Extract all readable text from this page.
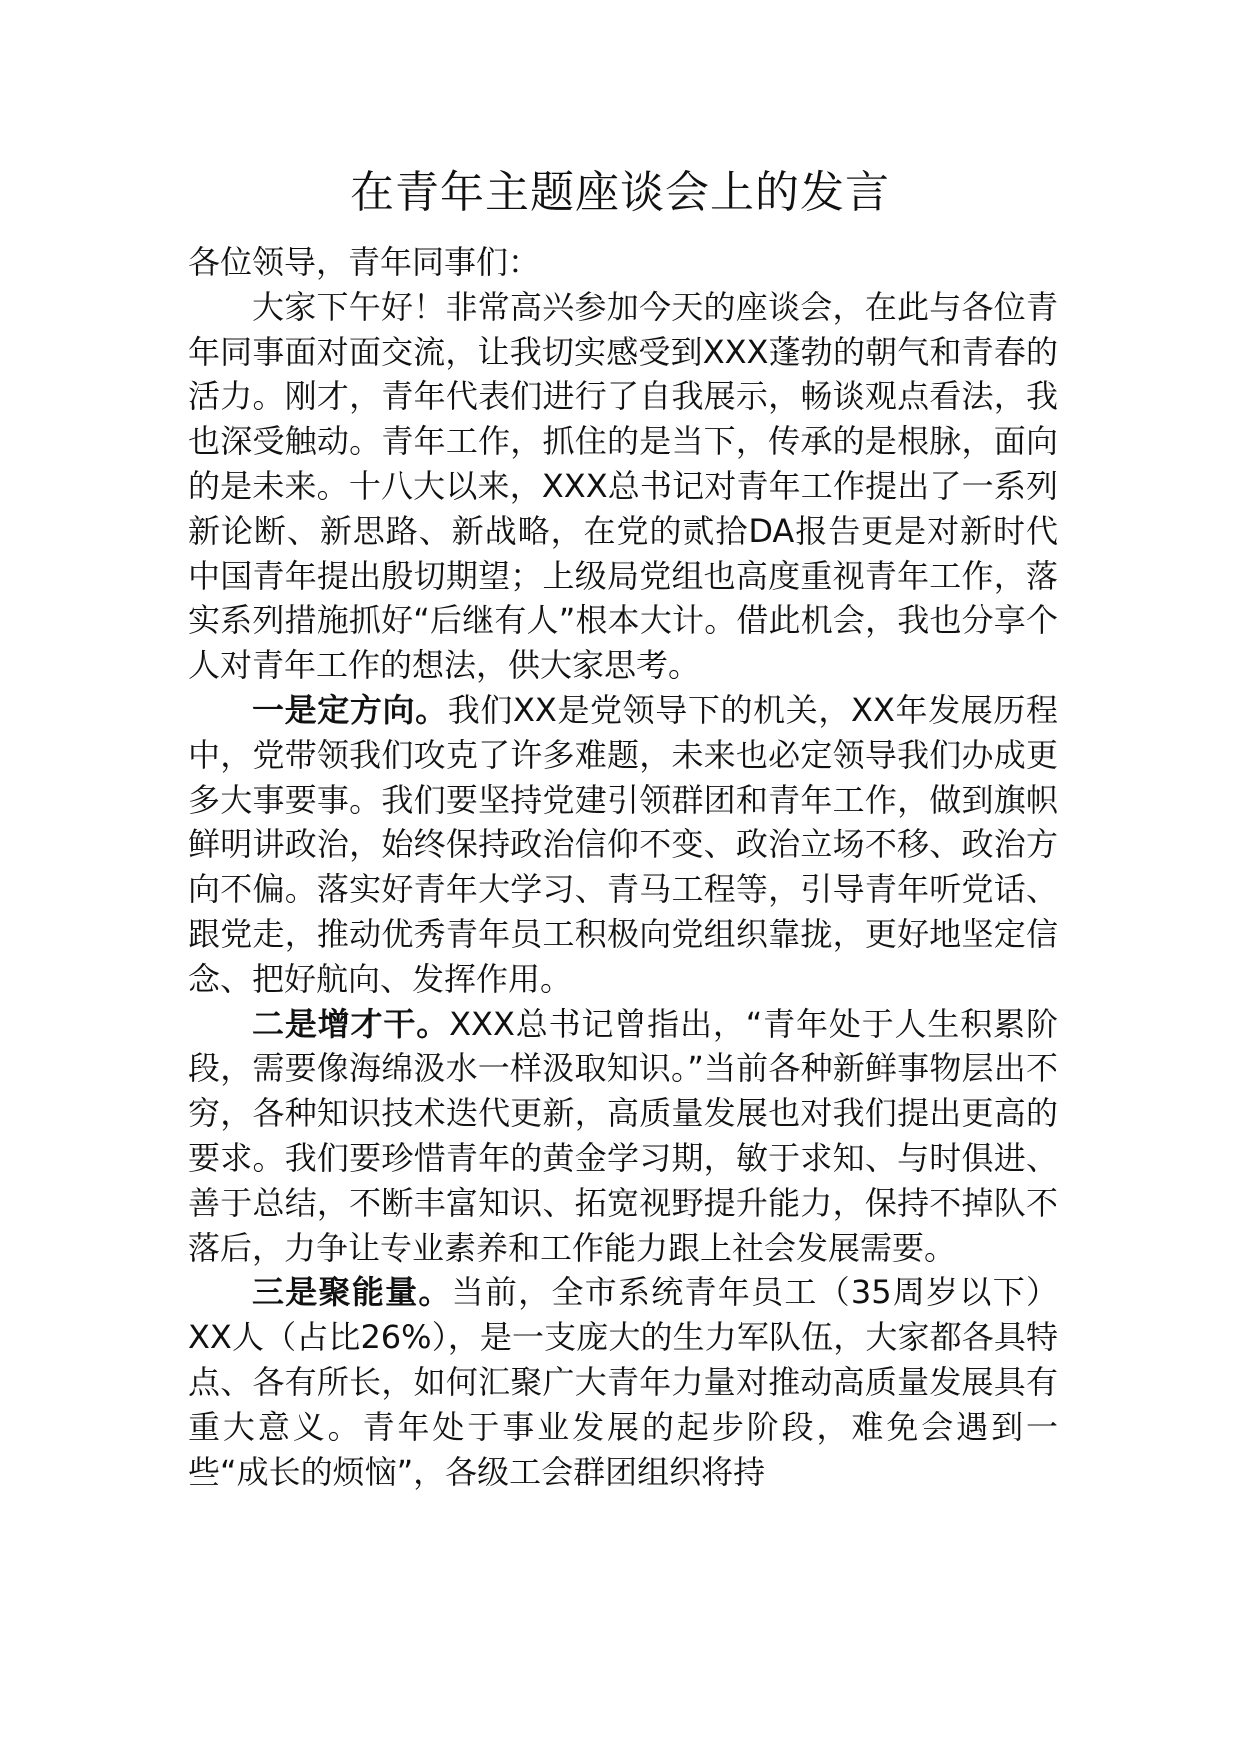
在青年主题座谈会上的发言

各位领导，青年同事们：

大家下午好！非常高兴参加今天的座谈会，在此与各位青年同事面对面交流，让我切实感受到XXX蓬勃的朝气和青春的活力。刚才，青年代表们进行了自我展示，畅谈观点看法，我也深受触动。青年工作，抓住的是当下，传承的是根脉，面向的是未来。十八大以来，XXX总书记对青年工作提出了一系列新论断、新思路、新战略，在党的贰拾DA报告更是对新时代中国青年提出殷切期望；上级局党组也高度重视青年工作，落实系列措施抓好“后继有人”根本大计。借此机会，我也分享个人对青年工作的想法，供大家思考。

一是定方向。我们XX是党领导下的机关，XX年发展历程中，党带领我们攻克了许多难题，未来也必定领导我们办成更多大事要事。我们要坚持党建引领群团和青年工作，做到旗帜鲜明讲政治，始终保持政治信仰不变、政治立场不移、政治方向不偏。落实好青年大学习、青马工程等，引导青年听党话、跟党走，推动优秀青年员工积极向党组织靠拢，更好地坚定信念、把好航向、发挥作用。

二是增才干。XXX总书记曾指出，“青年处于人生积累阶段，需要像海绵汲水一样汲取知识。”当前各种新鲜事物层出不穷，各种知识技术迭代更新，高质量发展也对我们提出更高的要求。我们要珍惜青年的黄金学习期，敏于求知、与时俱进、善于总结，不断丰富知识、拓宽视野提升能力，保持不掉队不落后，力争让专业素养和工作能力跟上社会发展需要。

三是聚能量。当前，全市系统青年员工（35周岁以下）XX人（占比26%），是一支庞大的生力军队伍，大家都各具特点、各有所长，如何汇聚广大青年力量对推动高质量发展具有重大意义。青年处于事业发展的起步阶段，难免会遇到一些“成长的烦恼”，各级工会群团组织将持
